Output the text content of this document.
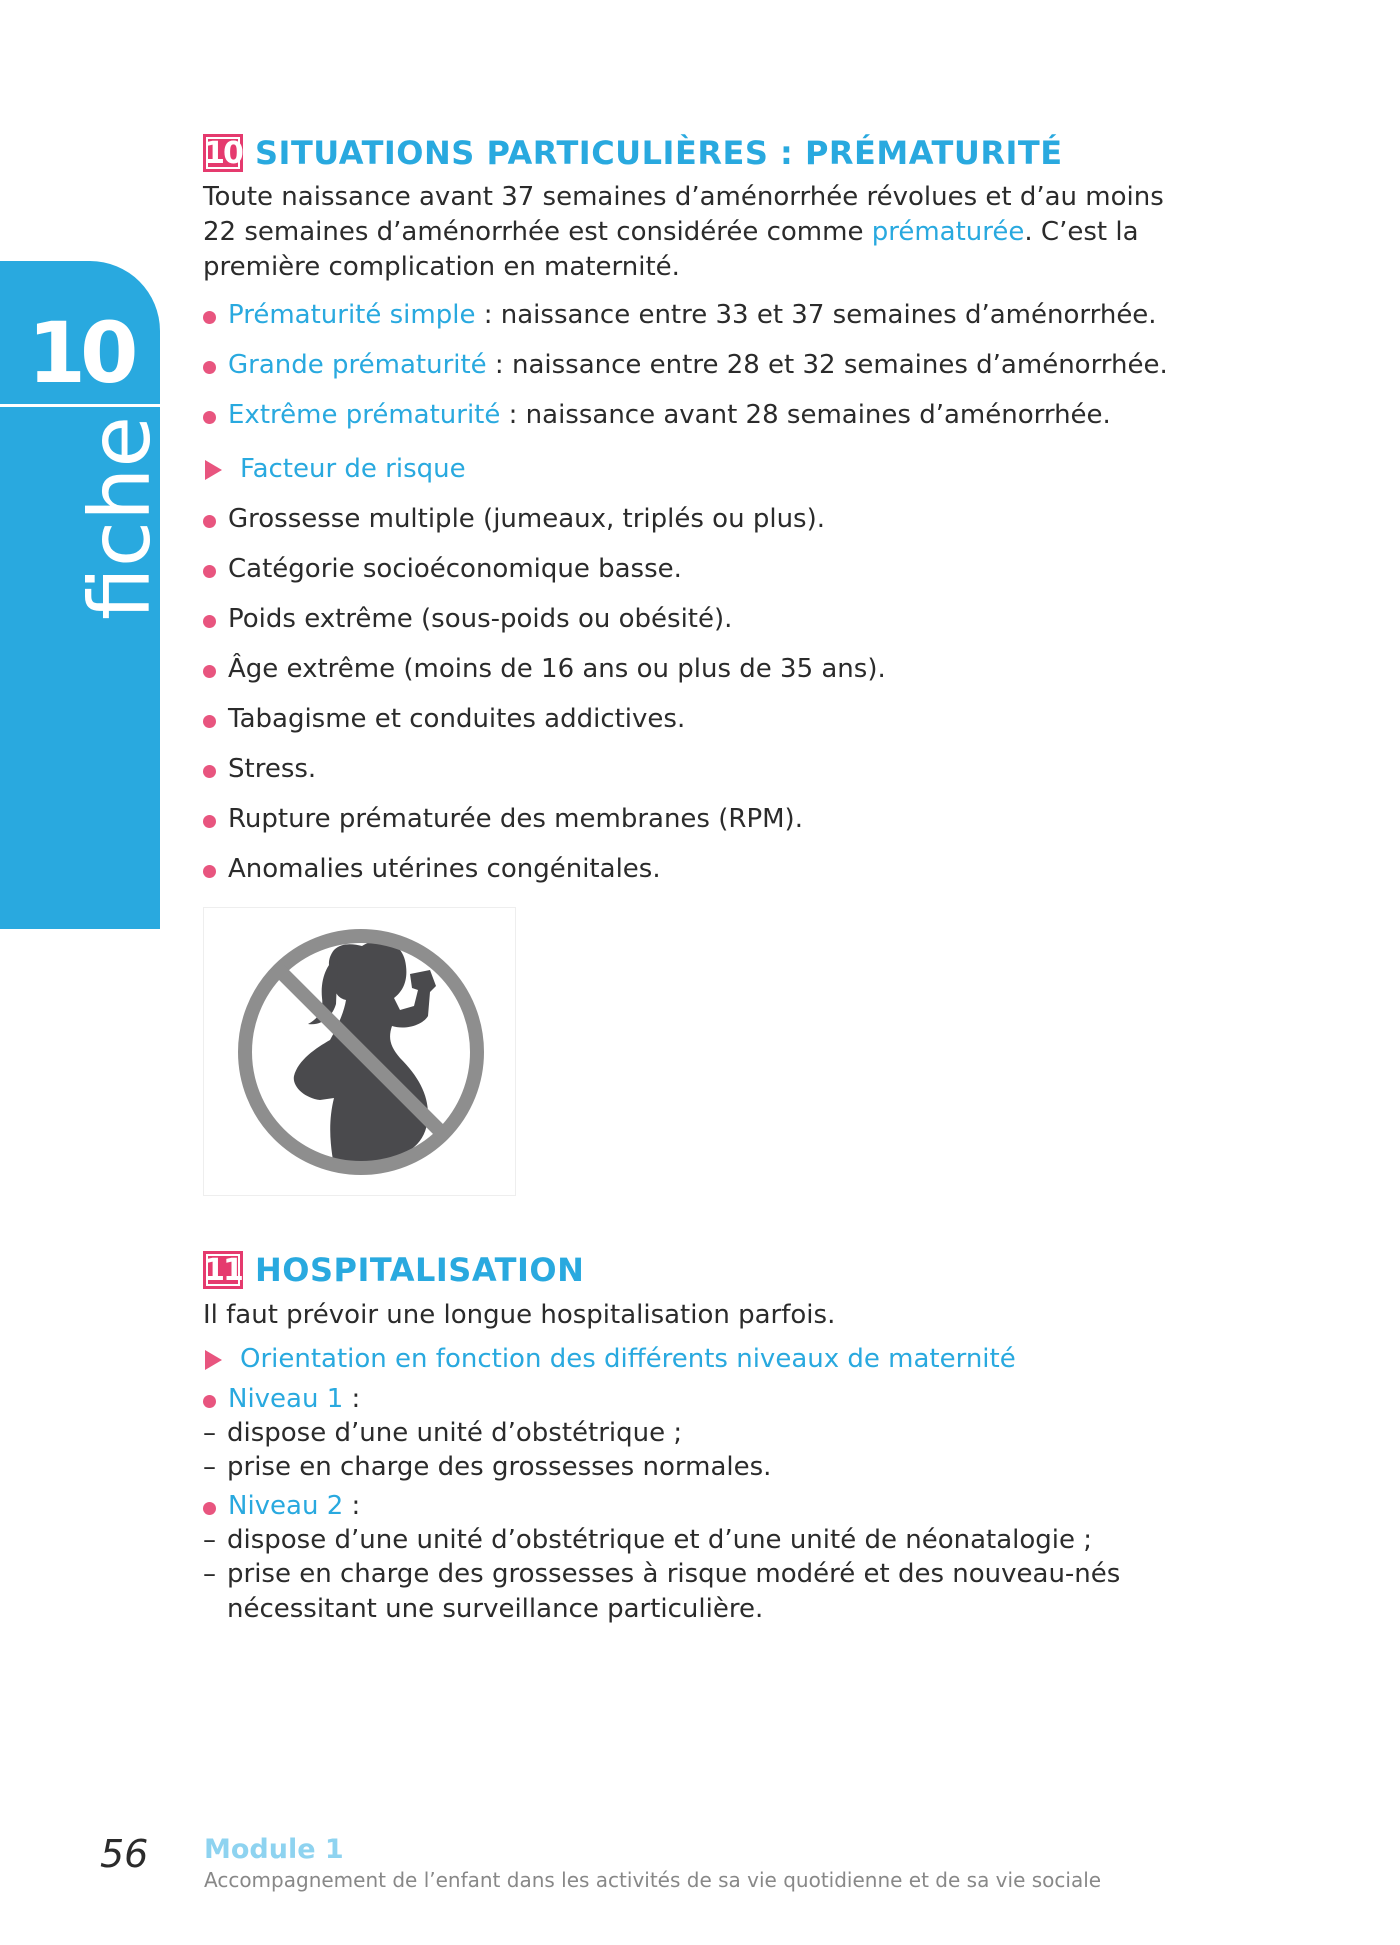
10
fiche
10 SITUATIONS PARTICULIÈRES : PRÉMATURITÉ

Toute naissance avant 37 semaines d’aménorrhée révolues et d’au moins 22 semaines d’aménorrhée est considérée comme prématurée. C’est la première complication en maternité.

Prématurité simple : naissance entre 33 et 37 semaines d’aménorrhée.
Grande prématurité : naissance entre 28 et 32 semaines d’aménorrhée.
Extrême prématurité : naissance avant 28 semaines d’aménorrhée.
Facteur de risque
Grossesse multiple (jumeaux, triplés ou plus).
Catégorie socioéconomique basse.
Poids extrême (sous-poids ou obésité).
Âge extrême (moins de 16 ans ou plus de 35 ans).
Tabagisme et conduites addictives.
Stress.
Rupture prématurée des membranes (RPM).
Anomalies utérines congénitales.
11 HOSPITALISATION

Il faut prévoir une longue hospitalisation parfois.

Orientation en fonction des différents niveaux de maternité
Niveau 1 :
– dispose d’une unité d’obstétrique ;
– prise en charge des grossesses normales.
Niveau 2 :
– dispose d’une unité d’obstétrique et d’une unité de néonatalogie ;
– prise en charge des grossesses à risque modéré et des nouveau-nés nécessitant une surveillance particulière.
56 Module 1
Accompagnement de l’enfant dans les activités de sa vie quotidienne et de sa vie sociale
